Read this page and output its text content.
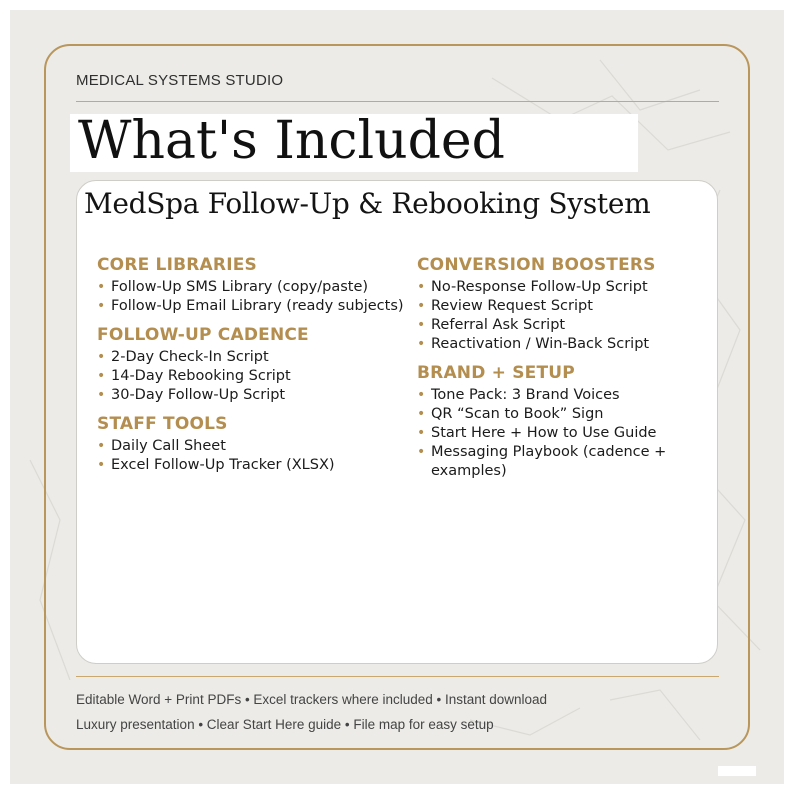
MEDICAL SYSTEMS STUDIO
What's Included
MedSpa Follow-Up & Rebooking System
CORE LIBRARIES
• Follow-Up SMS Library (copy/paste)
• Follow-Up Email Library (ready subjects)
FOLLOW-UP CADENCE
• 2-Day Check-In Script
• 14-Day Rebooking Script
• 30-Day Follow-Up Script
STAFF TOOLS
• Daily Call Sheet
• Excel Follow-Up Tracker (XLSX)
CONVERSION BOOSTERS
• No-Response Follow-Up Script
• Review Request Script
• Referral Ask Script
• Reactivation / Win-Back Script
BRAND + SETUP
• Tone Pack: 3 Brand Voices
• QR “Scan to Book” Sign
• Start Here + How to Use Guide
• Messaging Playbook (cadence + examples)
Editable Word + Print PDFs • Excel trackers where included • Instant download
Luxury presentation • Clear Start Here guide • File map for easy setup
